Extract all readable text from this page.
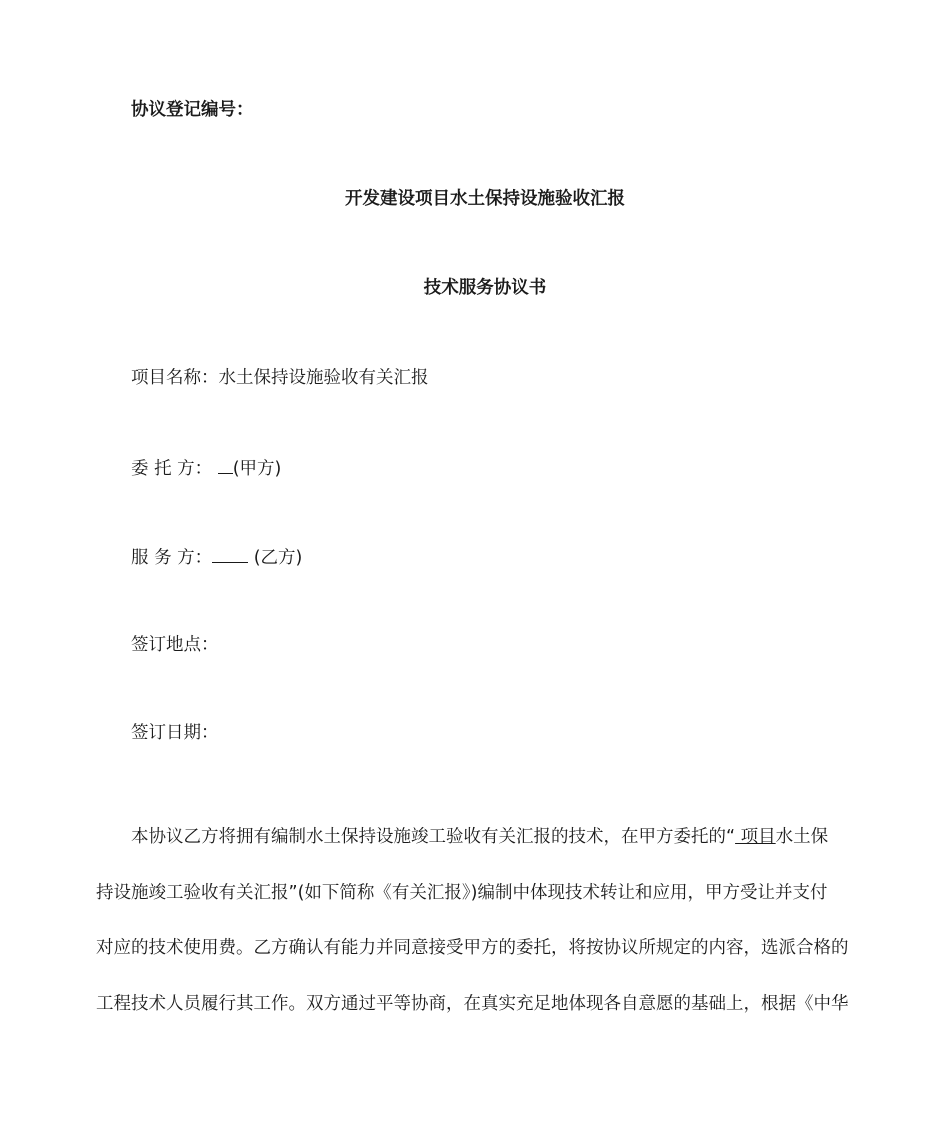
协议登记编号：
开发建设项目水土保持设施验收汇报
技术服务协议书
项目名称：水土保持设施验收有关汇报
委 托 方： (甲方)
服 务 方： (乙方)
签订地点：
签订日期：
本协议乙方将拥有编制水土保持设施竣工验收有关汇报的技术，在甲方委托的“ 项目水土保
持设施竣工验收有关汇报”(如下简称《有关汇报》)编制中体现技术转让和应用，甲方受让并支付
对应的技术使用费。乙方确认有能力并同意接受甲方的委托，将按协议所规定的内容，选派合格的
工程技术人员履行其工作。双方通过平等协商，在真实充足地体现各自意愿的基础上，根据《中华
